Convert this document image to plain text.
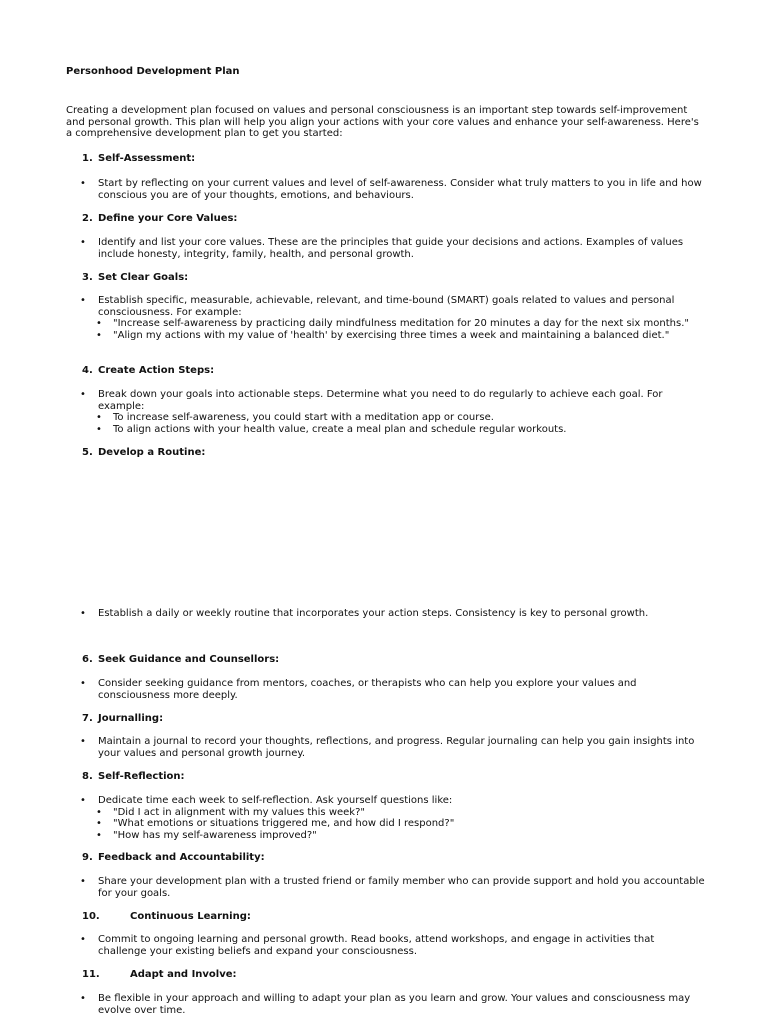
Personhood Development Plan
Creating a development plan focused on values and personal consciousness is an important step towards self-improvement and personal growth. This plan will help you align your actions with your core values and enhance your self-awareness. Here's a comprehensive development plan to get you started:
1. Self-Assessment:
•	Start by reflecting on your current values and level of self-awareness. Consider what truly matters to you in life and how conscious you are of your thoughts, emotions, and behaviours.
2. Define your Core Values:
•	Identify and list your core values. These are the principles that guide your decisions and actions. Examples of values include honesty, integrity, family, health, and personal growth.
3. Set Clear Goals:
•	Establish specific, measurable, achievable, relevant, and time-bound (SMART) goals related to values and personal consciousness. For example:
•	"Increase self-awareness by practicing daily mindfulness meditation for 20 minutes a day for the next six months."
•	"Align my actions with my value of 'health' by exercising three times a week and maintaining a balanced diet."
4. Create Action Steps:
•	Break down your goals into actionable steps. Determine what you need to do regularly to achieve each goal. For example:
•	To increase self-awareness, you could start with a meditation app or course.
•	To align actions with your health value, create a meal plan and schedule regular workouts.
5. Develop a Routine:
•	Establish a daily or weekly routine that incorporates your action steps. Consistency is key to personal growth.
6. Seek Guidance and Counsellors:
•	Consider seeking guidance from mentors, coaches, or therapists who can help you explore your values and consciousness more deeply.
7. Journalling:
•	Maintain a journal to record your thoughts, reflections, and progress. Regular journaling can help you gain insights into your values and personal growth journey.
8. Self-Reflection:
•	Dedicate time each week to self-reflection. Ask yourself questions like:
•	"Did I act in alignment with my values this week?"
•	"What emotions or situations triggered me, and how did I respond?"
•	"How has my self-awareness improved?"
9. Feedback and Accountability:
•	Share your development plan with a trusted friend or family member who can provide support and hold you accountable for your goals.
10.	Continuous Learning:
•	Commit to ongoing learning and personal growth. Read books, attend workshops, and engage in activities that challenge your existing beliefs and expand your consciousness.
11.	Adapt and Involve:
•	Be flexible in your approach and willing to adapt your plan as you learn and grow. Your values and consciousness may evolve over time.
